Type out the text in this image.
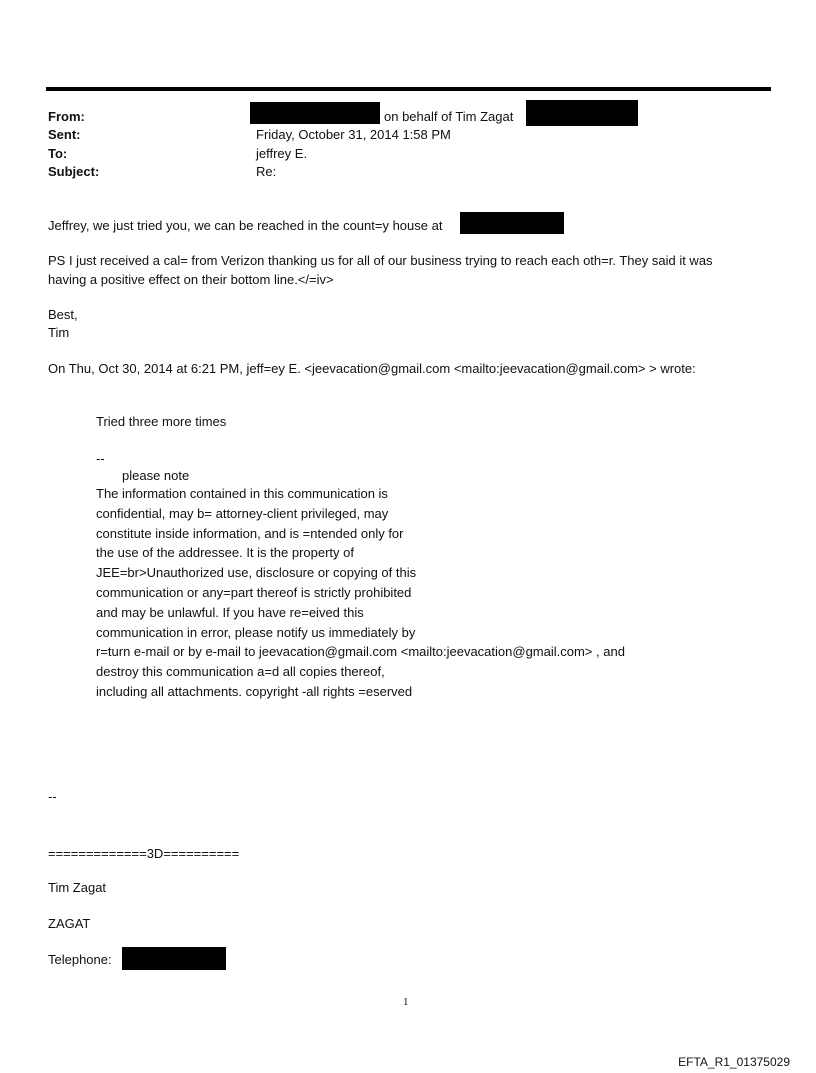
From:	on behalf of Tim Zagat
Sent:	Friday, October 31, 2014 1:58 PM
To:	jeffrey E.
Subject:	Re:
Jeffrey, we just tried you, we can be reached in the count=y house at
PS I just received a cal= from Verizon thanking us for all of our business trying to reach each oth=r. They said it was
having a positive effect on their bottom line.</=iv>
Best,
Tim
On Thu, Oct 30, 2014 at 6:21 PM, jeff=ey E. <jeevacation@gmail.com <mailto:jeevacation@gmail.com> > wrote:
Tried three more times
--
please note
The information contained in this communication is
confidential, may b= attorney-client privileged, may
constitute inside information, and is =ntended only for
the use of the addressee. It is the property of
JEE=br>Unauthorized use, disclosure or copying of this
communication or any=part thereof is strictly prohibited
and may be unlawful. If you have re=eived this
communication in error, please notify us immediately by
r=turn e-mail or by e-mail to jeevacation@gmail.com <mailto:jeevacation@gmail.com> , and
destroy this communication a=d all copies thereof,
including all attachments. copyright -all rights =eserved
--
=============3D==========
Tim Zagat
ZAGAT
Telephone:
1
EFTA_R1_01375029
